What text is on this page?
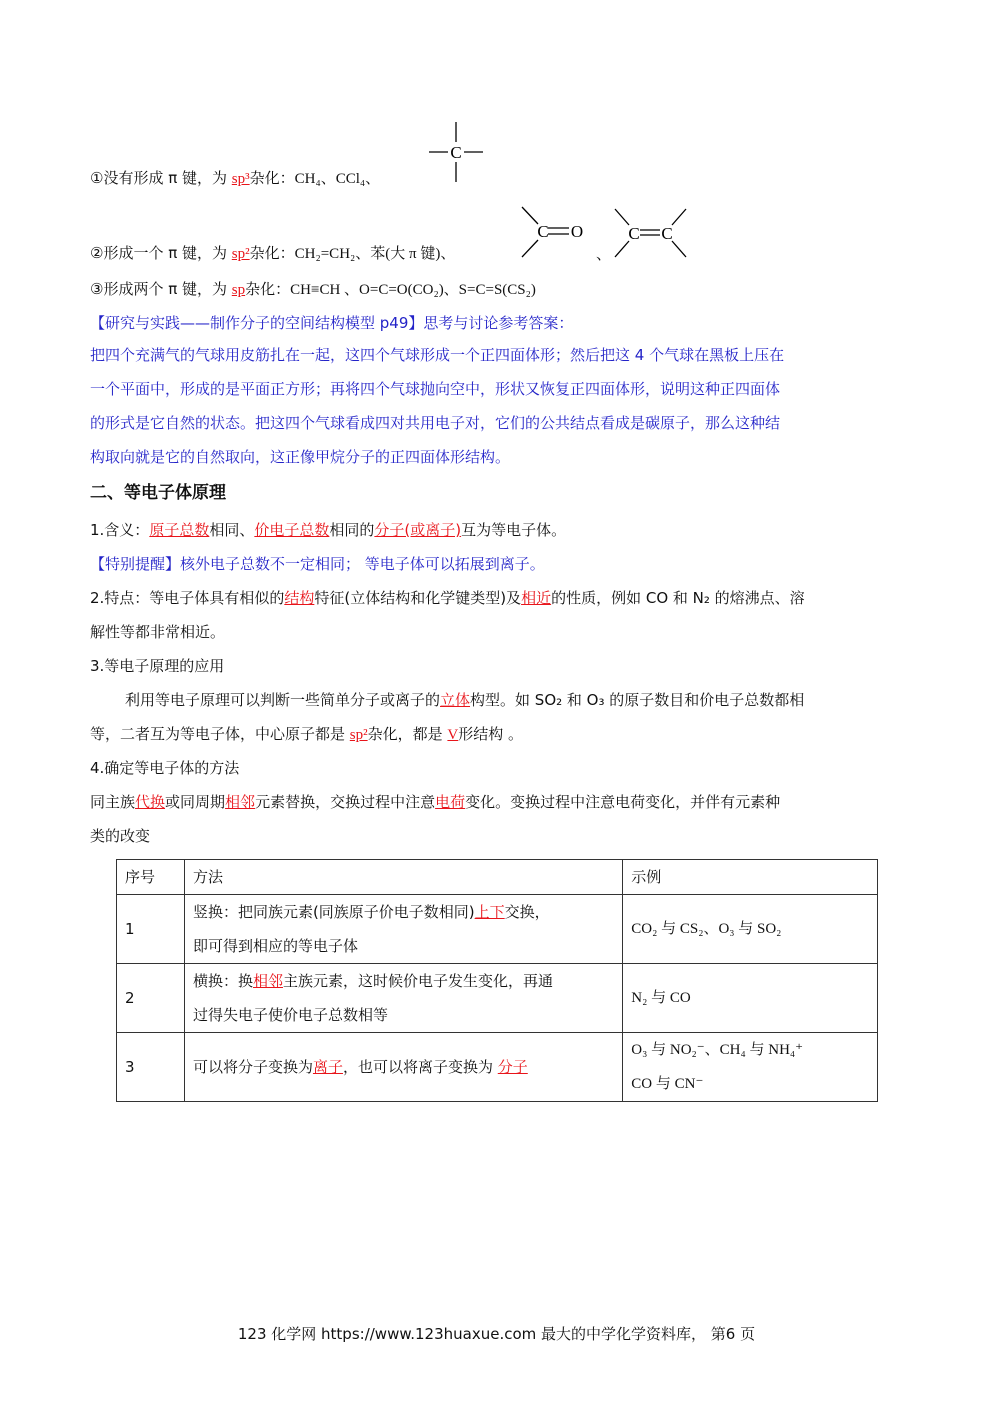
①没有形成 π 键，为 sp³杂化：CH₄、CCl₄、
C
②形成一个 π 键，为 sp²杂化：CH₂=CH₂、苯(大 π 键)、
C O
、
C C
③形成两个 π 键，为 sp杂化：CH≡CH 、O=C=O(CO₂)、S=C=S(CS₂)
【研究与实践——制作分子的空间结构模型 p49】思考与讨论参考答案：
把四个充满气的气球用皮筋扎在一起，这四个气球形成一个正四面体形；然后把这 4 个气球在黑板上压在
一个平面中，形成的是平面正方形；再将四个气球抛向空中，形状又恢复正四面体形，说明这种正四面体
的形式是它自然的状态。把这四个气球看成四对共用电子对，它们的公共结点看成是碳原子，那么这种结
构取向就是它的自然取向，这正像甲烷分子的正四面体形结构。
二、等电子体原理
1.含义：原子总数相同、价电子总数相同的分子(或离子)互为等电子体。
【特别提醒】核外电子总数不一定相同； 等电子体可以拓展到离子。
2.特点：等电子体具有相似的结构特征(立体结构和化学键类型)及相近的性质，例如 CO 和 N₂ 的熔沸点、溶
解性等都非常相近。
3.等电子原理的应用
利用等电子原理可以判断一些简单分子或离子的立体构型。如 SO₂ 和 O₃ 的原子数目和价电子总数都相
等，二者互为等电子体，中心原子都是 sp²杂化，都是 V形结构 。
4.确定等电子体的方法
同主族代换或同周期相邻元素替换，交换过程中注意电荷变化。变换过程中注意电荷变化，并伴有元素种
类的改变
序号	方法	示例
1	竖换：把同族元素(同族原子价电子数相同)上下交换，
即可得到相应的等电子体	CO₂ 与 CS₂、O₃ 与 SO₂
2	横换：换相邻主族元素，这时候价电子发生变化，再通
过得失电子使价电子总数相等	N₂ 与 CO
3	可以将分子变换为离子，也可以将离子变换为 分子	O₃ 与 NO₂⁻、CH₄ 与 NH₄⁺
CO 与 CN⁻
123 化学网 https://www.123huaxue.com 最大的中学化学资料库， 第6 页
